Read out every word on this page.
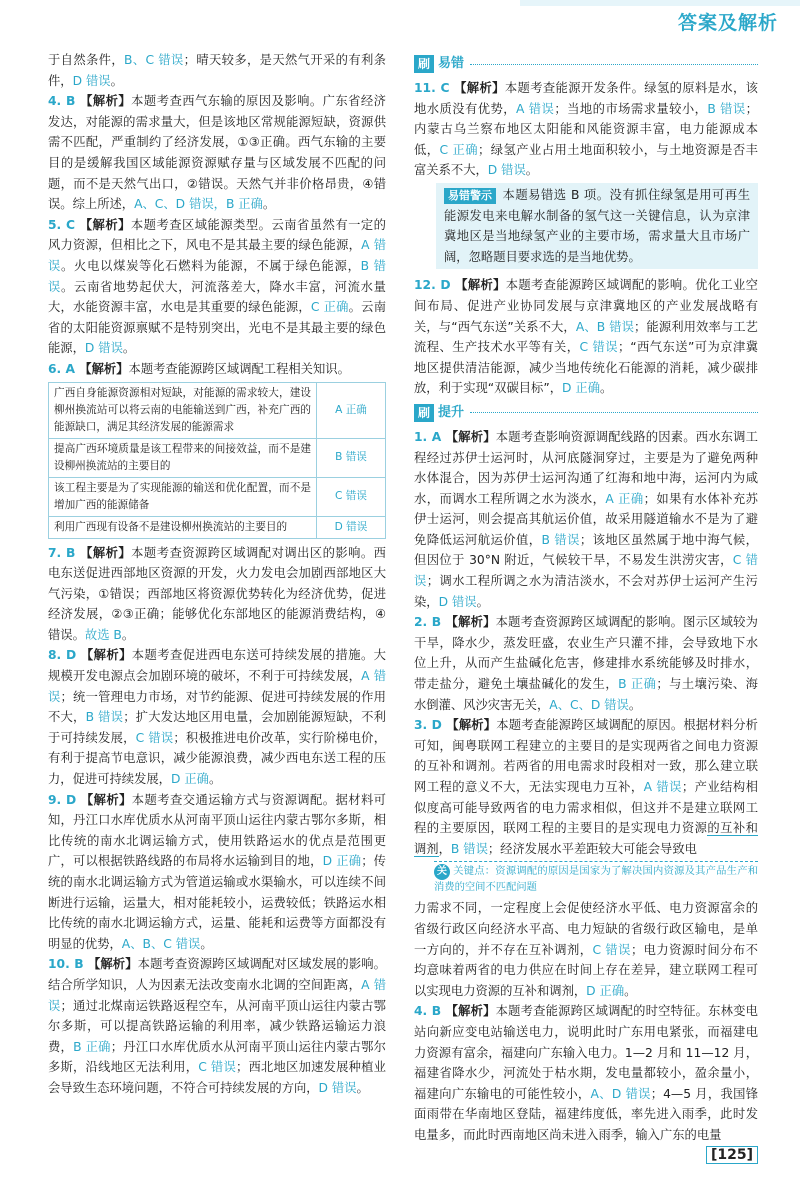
答案及解析

于自然条件，B、C 错误；晴天较多，是天然气开采的有利条件，D 错误。

4. B 【解析】本题考查西气东输的原因及影响。广东省经济发达，对能源的需求量大，但是该地区常规能源短缺，资源供需不匹配，严重制约了经济发展，①③正确。西气东输的主要目的是缓解我国区域能源资源赋存量与区域发展不匹配的问题，而不是天然气出口，②错误。天然气并非价格昂贵，④错误。综上所述，A、C、D 错误，B 正确。

5. C 【解析】本题考查区域能源类型。云南省虽然有一定的风力资源，但相比之下，风电不是其最主要的绿色能源，A 错误。火电以煤炭等化石燃料为能源，不属于绿色能源，B 错误。云南省地势起伏大，河流落差大，降水丰富，河流水量大，水能资源丰富，水电是其重要的绿色能源，C 正确。云南省的太阳能资源禀赋不是特别突出，光电不是其最主要的绿色能源，D 错误。

6. A 【解析】本题考查能源跨区域调配工程相关知识。

广西自身能源资源相对短缺，对能源的需求较大，建设柳州换流站可以将云南的电能输送到广西，补充广西的能源缺口，满足其经济发展的能源需求	A 正确
提高广西环境质量是该工程带来的间接效益，而不是建设柳州换流站的主要目的	B 错误
该工程主要是为了实现能源的输送和优化配置，而不是增加广西的能源储备	C 错误
利用广西现有设备不是建设柳州换流站的主要目的	D 错误

7. B 【解析】本题考查资源跨区域调配对调出区的影响。西电东送促进西部地区资源的开发，火力发电会加剧西部地区大气污染，①错误；西部地区将资源优势转化为经济优势，促进经济发展，②③正确；能够优化东部地区的能源消费结构，④错误。故选 B。

8. D 【解析】本题考查促进西电东送可持续发展的措施。大规模开发电源点会加剧环境的破坏，不利于可持续发展，A 错误；统一管理电力市场，对节约能源、促进可持续发展的作用不大，B 错误；扩大发达地区用电量，会加剧能源短缺，不利于可持续发展，C 错误；积极推进电价改革，实行阶梯电价，有利于提高节电意识，减少能源浪费，减少西电东送工程的压力，促进可持续发展，D 正确。

9. D 【解析】本题考查交通运输方式与资源调配。据材料可知，丹江口水库优质水从河南平顶山运往内蒙古鄂尔多斯，相比传统的南水北调运输方式，使用铁路运水的优点是范围更广，可以根据铁路线路的布局将水运输到目的地，D 正确；传统的南水北调运输方式为管道运输或水渠输水，可以连续不间断进行运输，运量大，相对能耗较小，运费较低；铁路运水相比传统的南水北调运输方式，运量、能耗和运费等方面都没有明显的优势，A、B、C 错误。

10. B 【解析】本题考查资源跨区域调配对区域发展的影响。结合所学知识，人为因素无法改变南水北调的空间距离，A 错误；通过北煤南运铁路返程空车，从河南平顶山运往内蒙古鄂尔多斯，可以提高铁路运输的利用率，减少铁路运输运力浪费，B 正确；丹江口水库优质水从河南平顶山运往内蒙古鄂尔多斯，沿线地区无法利用，C 错误；西北地区加速发展种植业会导致生态环境问题，不符合可持续发展的方向，D 错误。

刷 易错

11. C 【解析】本题考查能源开发条件。绿氢的原料是水，该地水质没有优势，A 错误；当地的市场需求量较小，B 错误；内蒙古乌兰察布地区太阳能和风能资源丰富，电力能源成本低，C 正确；绿氢产业占用土地面积较小，与土地资源是否丰富关系不大，D 错误。

易错警示 本题易错选 B 项。没有抓住绿氢是用可再生能源发电来电解水制备的氢气这一关键信息，认为京津冀地区是当地绿氢产业的主要市场，需求量大且市场广阔，忽略题目要求选的是当地优势。

12. D 【解析】本题考查能源跨区域调配的影响。优化工业空间布局、促进产业协同发展与京津冀地区的产业发展战略有关，与“西气东送”关系不大，A、B 错误；能源利用效率与工艺流程、生产技术水平等有关，C 错误；“西气东送”可为京津冀地区提供清洁能源，减少当地传统化石能源的消耗，减少碳排放，利于实现“双碳目标”，D 正确。

刷 提升

1. A 【解析】本题考查影响资源调配线路的因素。西水东调工程经过苏伊士运河时，从河底隧洞穿过，主要是为了避免两种水体混合，因为苏伊士运河沟通了红海和地中海，运河内为咸水，而调水工程所调之水为淡水，A 正确；如果有水体补充苏伊士运河，则会提高其航运价值，故采用隧道输水不是为了避免降低运河航运价值，B 错误；该地区虽然属于地中海气候，但因位于 30°N 附近，气候较干旱，不易发生洪涝灾害，C 错误；调水工程所调之水为清洁淡水，不会对苏伊士运河产生污染，D 错误。

2. B 【解析】本题考查资源跨区域调配的影响。图示区域较为干旱，降水少，蒸发旺盛，农业生产只灌不排，会导致地下水位上升，从而产生盐碱化危害，修建排水系统能够及时排水，带走盐分，避免土壤盐碱化的发生，B 正确；与土壤污染、海水倒灌、风沙灾害无关，A、C、D 错误。

3. D 【解析】本题考查能源跨区域调配的原因。根据材料分析可知，闽粤联网工程建立的主要目的是实现两省之间电力资源的互补和调剂。若两省的用电需求时段相对一致，那么建立联网工程的意义不大，无法实现电力互补，A 错误；产业结构相似度高可能导致两省的电力需求相似，但这并不是建立联网工程的主要原因，联网工程的主要目的是实现电力资源的互补和调剂，B 错误；经济发展水平差距较大可能会导致电

关 关键点：资源调配的原因是国家为了解决国内资源及其产品生产和消费的空间不匹配问题

力需求不同，一定程度上会促使经济水平低、电力资源富余的省级行政区向经济水平高、电力短缺的省级行政区输电，是单一方向的，并不存在互补调剂，C 错误；电力资源时间分布不均意味着两省的电力供应在时间上存在差异，建立联网工程可以实现电力资源的互补和调剂，D 正确。

4. B 【解析】本题考查能源跨区域调配的时空特征。东林变电站向新应变电站输送电力，说明此时广东用电紧张，而福建电力资源有富余，福建向广东输入电力。1—2 月和 11—12 月，福建省降水少，河流处于枯水期，发电量都较小，盈余量小，福建向广东输电的可能性较小，A、D 错误；4—5 月，我国锋面雨带在华南地区登陆，福建纬度低，率先进入雨季，此时发电量多，而此时西南地区尚未进入雨季，输入广东的电量

[125]
